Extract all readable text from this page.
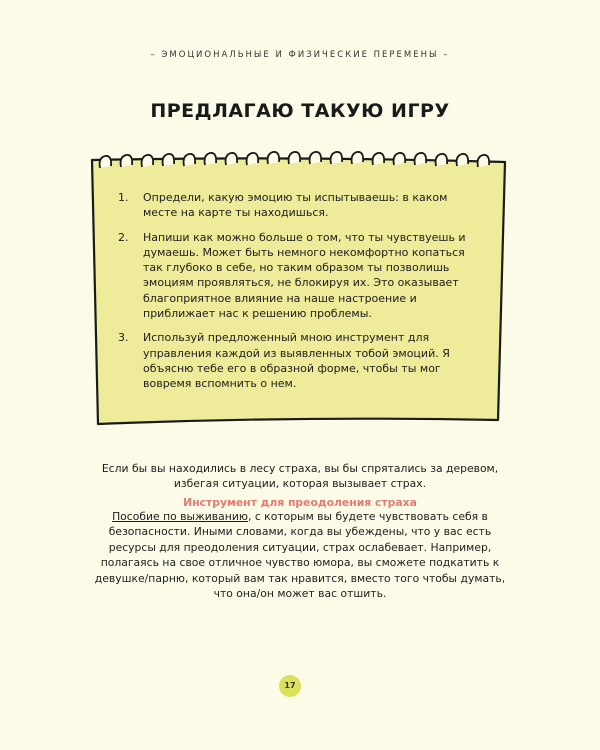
– ЭМОЦИОНАЛЬНЫЕ И ФИЗИЧЕСКИЕ ПЕРЕМЕНЫ –
ПРЕДЛАГАЮ ТАКУЮ ИГРУ
1. Определи, какую эмоцию ты испытываешь: в каком месте на карте ты находишься.
2. Напиши как можно больше о том, что ты чувствуешь и думаешь. Может быть немного некомфортно копаться так глубоко в себе, но таким образом ты позволишь эмоциям проявляться, не блокируя их. Это оказывает благоприятное влияние на наше настроение и приближает нас к решению проблемы.
3. Используй предложенный мною инструмент для управления каждой из выявленных тобой эмоций. Я объясню тебе его в образной форме, чтобы ты мог вовремя вспомнить о нем.

Если бы вы находились в лесу страха, вы бы спрятались за деревом, избегая ситуации, которая вызывает страх.

Инструмент для преодоления страха

Пособие по выживанию, с которым вы будете чувствовать себя в безопасности. Иными словами, когда вы убеждены, что у вас есть ресурсы для преодоления ситуации, страх ослабевает. Например, полагаясь на свое отличное чувство юмора, вы сможете подкатить к девушке/парню, который вам так нравится, вместо того чтобы думать, что она/он может вас отшить.

17
